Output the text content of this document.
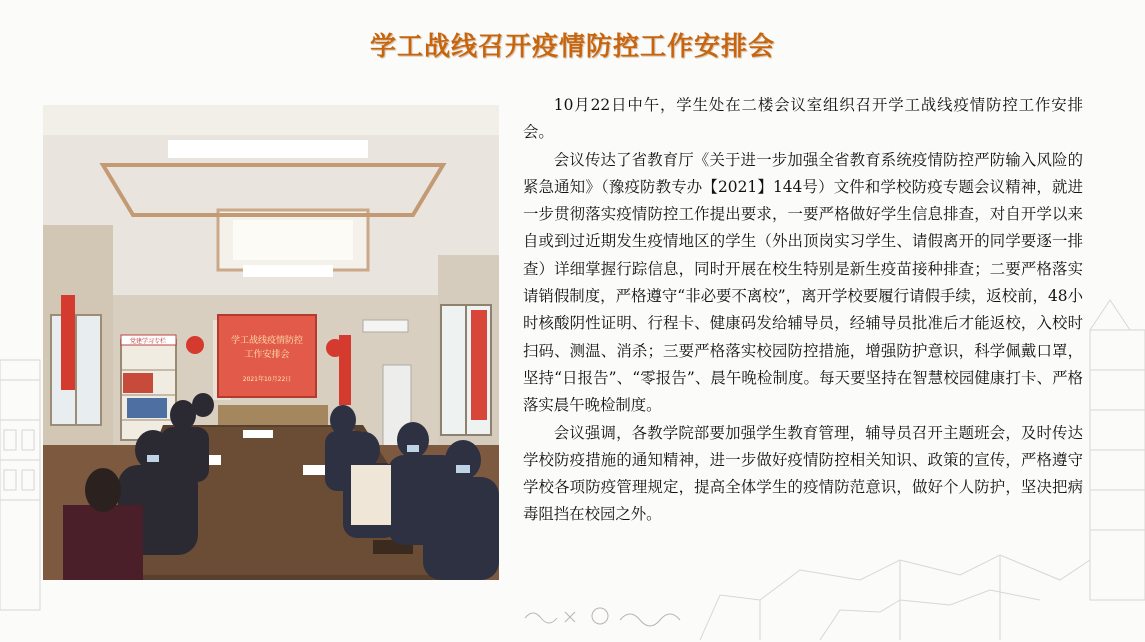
学工战线召开疫情防控工作安排会
党建学习专栏	学工战线疫情防控
工作安排会
2021年10月22日

10月22日中午，学生处在二楼会议室组织召开学工战线疫情防控工作安排会。

会议传达了省教育厅《关于进一步加强全省教育系统疫情防控严防输入风险的紧急通知》（豫疫防教专办【2021】144号）文件和学校防疫专题会议精神，就进一步贯彻落实疫情防控工作提出要求，一要严格做好学生信息排查，对自开学以来自或到过近期发生疫情地区的学生（外出顶岗实习学生、请假离开的同学要逐一排查）详细掌握行踪信息，同时开展在校生特别是新生疫苗接种排查；二要严格落实请销假制度，严格遵守“非必要不离校”，离开学校要履行请假手续，返校前，48小时核酸阴性证明、行程卡、健康码发给辅导员，经辅导员批准后才能返校，入校时扫码、测温、消杀；三要严格落实校园防控措施，增强防护意识，科学佩戴口罩，坚持“日报告”、“零报告”、晨午晚检制度。每天要坚持在智慧校园健康打卡、严格落实晨午晚检制度。

会议强调，各教学院部要加强学生教育管理，辅导员召开主题班会，及时传达学校防疫措施的通知精神，进一步做好疫情防控相关知识、政策的宣传，严格遵守学校各项防疫管理规定，提高全体学生的疫情防范意识，做好个人防护，坚决把病毒阻挡在校园之外。
